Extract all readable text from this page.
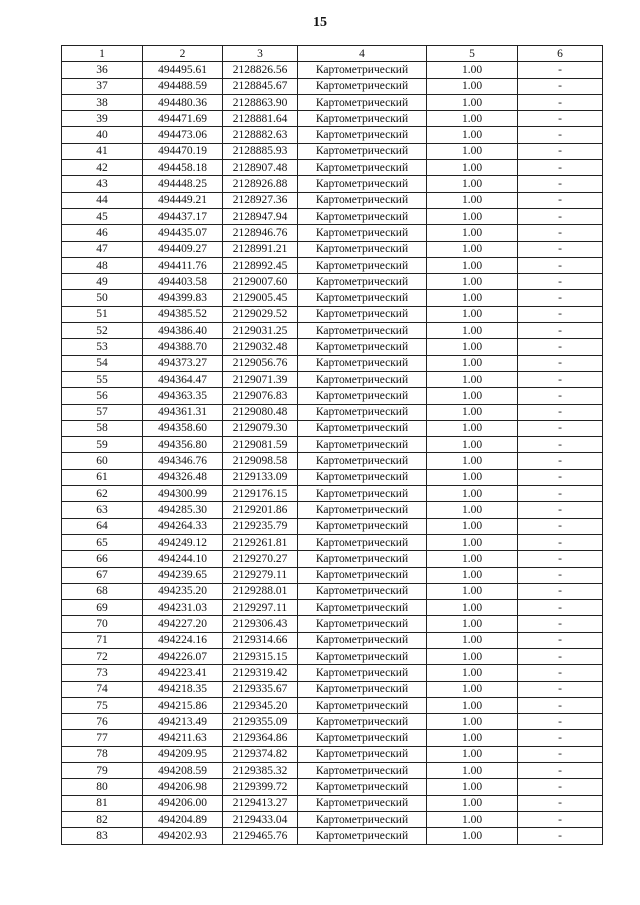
15
1	2	3	4	5	6
36	494495.61	2128826.56	Картометрический	1.00	-
37	494488.59	2128845.67	Картометрический	1.00	-
38	494480.36	2128863.90	Картометрический	1.00	-
39	494471.69	2128881.64	Картометрический	1.00	-
40	494473.06	2128882.63	Картометрический	1.00	-
41	494470.19	2128885.93	Картометрический	1.00	-
42	494458.18	2128907.48	Картометрический	1.00	-
43	494448.25	2128926.88	Картометрический	1.00	-
44	494449.21	2128927.36	Картометрический	1.00	-
45	494437.17	2128947.94	Картометрический	1.00	-
46	494435.07	2128946.76	Картометрический	1.00	-
47	494409.27	2128991.21	Картометрический	1.00	-
48	494411.76	2128992.45	Картометрический	1.00	-
49	494403.58	2129007.60	Картометрический	1.00	-
50	494399.83	2129005.45	Картометрический	1.00	-
51	494385.52	2129029.52	Картометрический	1.00	-
52	494386.40	2129031.25	Картометрический	1.00	-
53	494388.70	2129032.48	Картометрический	1.00	-
54	494373.27	2129056.76	Картометрический	1.00	-
55	494364.47	2129071.39	Картометрический	1.00	-
56	494363.35	2129076.83	Картометрический	1.00	-
57	494361.31	2129080.48	Картометрический	1.00	-
58	494358.60	2129079.30	Картометрический	1.00	-
59	494356.80	2129081.59	Картометрический	1.00	-
60	494346.76	2129098.58	Картометрический	1.00	-
61	494326.48	2129133.09	Картометрический	1.00	-
62	494300.99	2129176.15	Картометрический	1.00	-
63	494285.30	2129201.86	Картометрический	1.00	-
64	494264.33	2129235.79	Картометрический	1.00	-
65	494249.12	2129261.81	Картометрический	1.00	-
66	494244.10	2129270.27	Картометрический	1.00	-
67	494239.65	2129279.11	Картометрический	1.00	-
68	494235.20	2129288.01	Картометрический	1.00	-
69	494231.03	2129297.11	Картометрический	1.00	-
70	494227.20	2129306.43	Картометрический	1.00	-
71	494224.16	2129314.66	Картометрический	1.00	-
72	494226.07	2129315.15	Картометрический	1.00	-
73	494223.41	2129319.42	Картометрический	1.00	-
74	494218.35	2129335.67	Картометрический	1.00	-
75	494215.86	2129345.20	Картометрический	1.00	-
76	494213.49	2129355.09	Картометрический	1.00	-
77	494211.63	2129364.86	Картометрический	1.00	-
78	494209.95	2129374.82	Картометрический	1.00	-
79	494208.59	2129385.32	Картометрический	1.00	-
80	494206.98	2129399.72	Картометрический	1.00	-
81	494206.00	2129413.27	Картометрический	1.00	-
82	494204.89	2129433.04	Картометрический	1.00	-
83	494202.93	2129465.76	Картометрический	1.00	-
